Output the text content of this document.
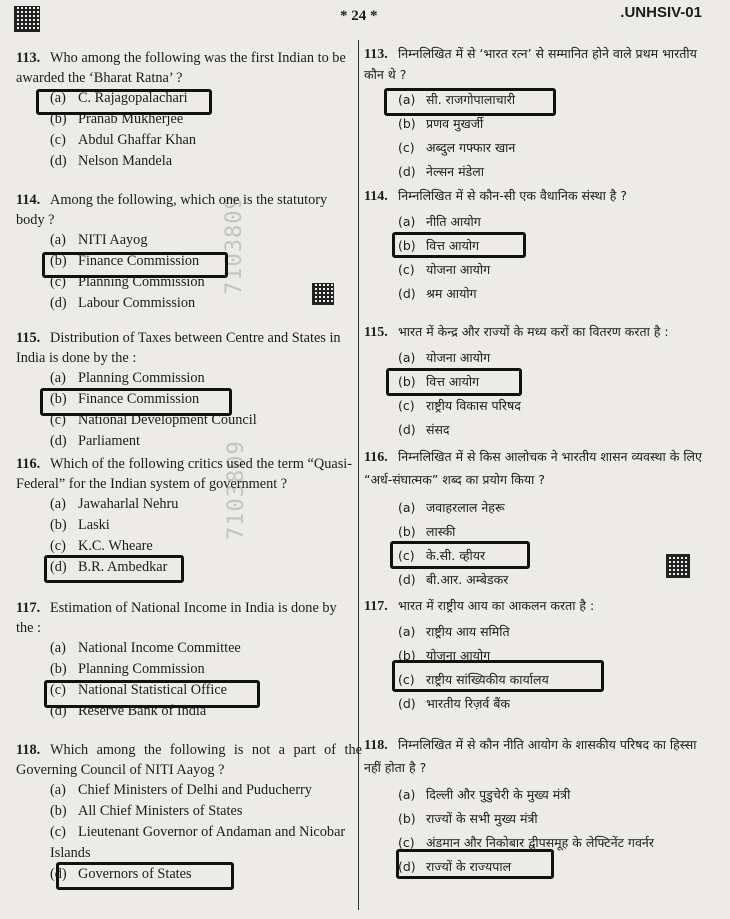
* 24 *	.UNHSIV-01
7103809
7103809
113. Who among the following was the first Indian to be awarded the ‘Bharat Ratna’ ?
(a) C. Rajagopalachari
(b) Pranab Mukherjee
(c) Abdul Ghaffar Khan
(d) Nelson Mandela
114. Among the following, which one is the statutory body ?
(a) NITI Aayog
(b) Finance Commission
(c) Planning Commission
(d) Labour Commission
115. Distribution of Taxes between Centre and States in India is done by the :
(a) Planning Commission
(b) Finance Commission
(c) National Development Council
(d) Parliament
116. Which of the following critics used the term “Quasi-Federal” for the Indian system of government ?
(a) Jawaharlal Nehru
(b) Laski
(c) K.C. Wheare
(d) B.R. Ambedkar
117. Estimation of National Income in India is done by the :
(a) National Income Committee
(b) Planning Commission
(c) National Statistical Office
(d) Reserve Bank of India
118. Which among the following is not a part of the Governing Council of NITI Aayog ?
(a) Chief Ministers of Delhi and Puducherry
(b) All Chief Ministers of States
(c) Lieutenant Governor of Andaman and Nicobar Islands
(d) Governors of States
113. निम्नलिखित में से ‘भारत रत्न’ से सम्मानित होने वाले प्रथम भारतीय कौन थे ?
(a) सी. राजगोपालाचारी
(b) प्रणव मुखर्जी
(c) अब्दुल गफ्फार खान
(d) नेल्सन मंडेला
114. निम्नलिखित में से कौन-सी एक वैधानिक संस्था है ?
(a) नीति आयोग
(b) वित्त आयोग
(c) योजना आयोग
(d) श्रम आयोग
115. भारत में केन्द्र और राज्यों के मध्य करों का वितरण करता है :
(a) योजना आयोग
(b) वित्त आयोग
(c) राष्ट्रीय विकास परिषद
(d) संसद
116. निम्नलिखित में से किस आलोचक ने भारतीय शासन व्यवस्था के लिए “अर्ध-संघात्मक” शब्द का प्रयोग किया ?
(a) जवाहरलाल नेहरू
(b) लास्की
(c) के.सी. व्हीयर
(d) बी.आर. अम्बेडकर
117. भारत में राष्ट्रीय आय का आकलन करता है :
(a) राष्ट्रीय आय समिति
(b) योजना आयोग
(c) राष्ट्रीय सांख्यिकीय कार्यालय
(d) भारतीय रिज़र्व बैंक
118. निम्नलिखित में से कौन नीति आयोग के शासकीय परिषद का हिस्सा नहीं होता है ?
(a) दिल्ली और पुडुचेरी के मुख्य मंत्री
(b) राज्यों के सभी मुख्य मंत्री
(c) अंडमान और निकोबार द्वीपसमूह के लेफ्टिनेंट गवर्नर
(d) राज्यों के राज्यपाल
